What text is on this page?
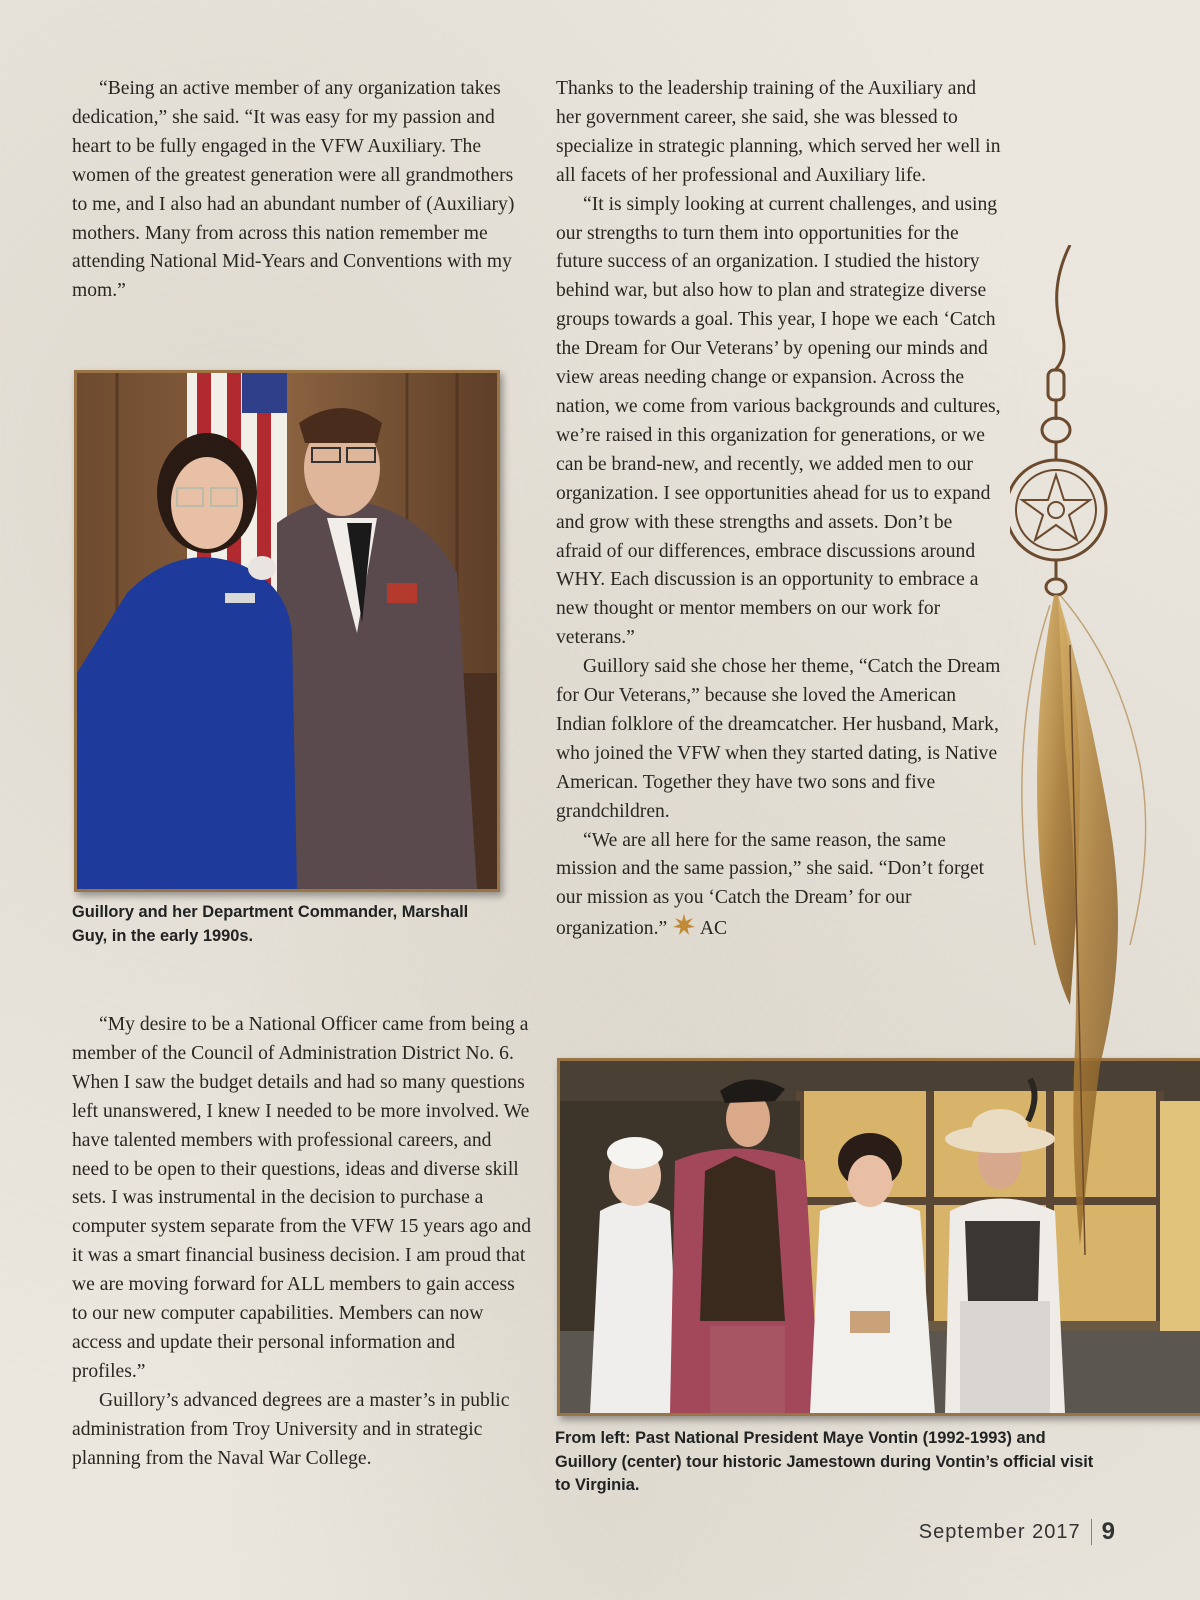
“Being an active member of any organization takes dedication,” she said. “It was easy for my passion and heart to be fully engaged in the VFW Auxiliary. The women of the greatest generation were all grandmothers to me, and I also had an abundant number of (Auxiliary) mothers. Many from across this nation remember me attending National Mid-Years and Conventions with my mom.”

Guillory and her Department Commander, Marshall Guy, in the early 1990s.

“My desire to be a National Officer came from being a member of the Council of Administration District No. 6. When I saw the budget details and had so many questions left unanswered, I knew I needed to be more involved. We have talented members with professional careers, and need to be open to their questions, ideas and diverse skill sets. I was instrumental in the decision to purchase a computer system separate from the VFW 15 years ago and it was a smart financial business decision. I am proud that we are moving forward for ALL members to gain access to our new computer capabilities. Members can now access and update their personal information and profiles.”

Guillory’s advanced degrees are a master’s in public administration from Troy University and in strategic planning from the Naval War College.

Thanks to the leadership training of the Auxiliary and her government career, she said, she was blessed to specialize in strategic planning, which served her well in all facets of her professional and Auxiliary life.

“It is simply looking at current challenges, and using our strengths to turn them into opportunities for the future success of an organization. I studied the history behind war, but also how to plan and strategize diverse groups towards a goal. This year, I hope we each ‘Catch the Dream for Our Veterans’ by opening our minds and view areas needing change or expansion. Across the nation, we come from various backgrounds and cultures, we’re raised in this organization for generations, or we can be brand-new, and recently, we added men to our organization. I see opportunities ahead for us to expand and grow with these strengths and assets. Don’t be afraid of our differences, embrace discussions around WHY. Each discussion is an opportunity to embrace a new thought or mentor members on our work for veterans.”

Guillory said she chose her theme, “Catch the Dream for Our Veterans,” because she loved the American Indian folklore of the dreamcatcher. Her husband, Mark, who joined the VFW when they started dating, is Native American. Together they have two sons and five grandchildren.

“We are all here for the same reason, the same mission and the same passion,” she said. “Don’t forget our mission as you ‘Catch the Dream’ for our organization.” AC

From left: Past National President Maye Vontin (1992-1993) and Guillory (center) tour historic Jamestown during Vontin’s official visit to Virginia.
September 2017 9
